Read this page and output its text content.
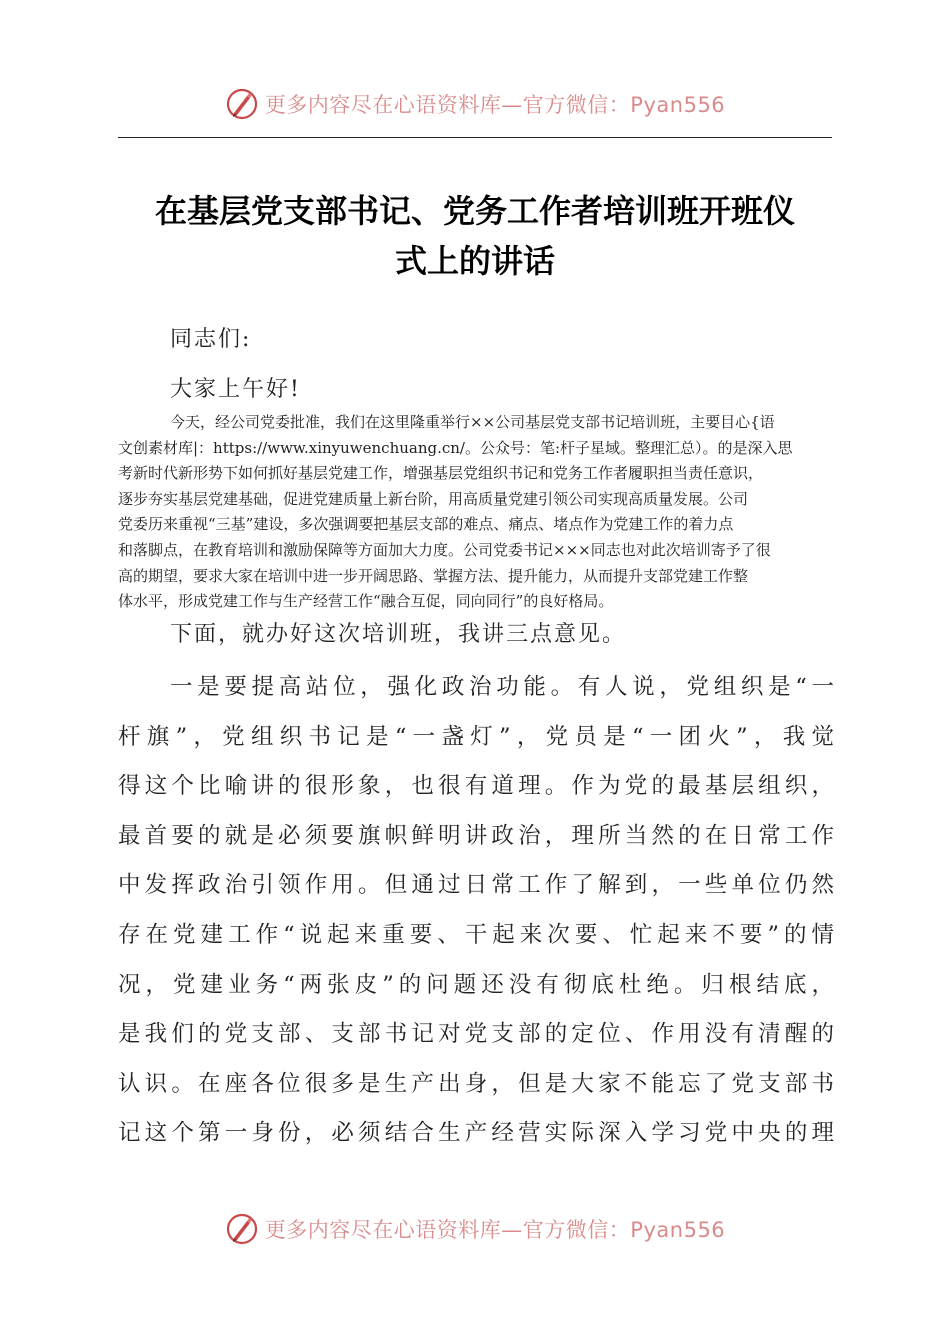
更多内容尽在心语资料库—官方微信：Pyan556
在基层党支部书记、党务工作者培训班开班仪
式上的讲话
同志们:
大家上午好!
今天，经公司党委批准，我们在这里隆重举行××公司基层党支部书记培训班，主要目心{语
文创素材库|：https://www.xinyuwenchuang.cn/。公众号：笔:杆子星域。整理汇总）。的是深入思
考新时代新形势下如何抓好基层党建工作，增强基层党组织书记和党务工作者履职担当责任意识，
逐步夯实基层党建基础，促进党建质量上新台阶，用高质量党建引领公司实现高质量发展。公司
党委历来重视“三基”建设，多次强调要把基层支部的难点、痛点、堵点作为党建工作的着力点
和落脚点，在教育培训和激励保障等方面加大力度。公司党委书记×××同志也对此次培训寄予了很
高的期望，要求大家在培训中进一步开阔思路、掌握方法、提升能力，从而提升支部党建工作整
体水平，形成党建工作与生产经营工作“融合互促，同向同行”的良好格局。
下面，就办好这次培训班，我讲三点意见。
一是要提高站位，强化政治功能。有人说，党组织是“一
杆旗”，党组织书记是“一盏灯”，党员是“一团火”，我觉
得这个比喻讲的很形象，也很有道理。作为党的最基层组织，
最首要的就是必须要旗帜鲜明讲政治，理所当然的在日常工作
中发挥政治引领作用。但通过日常工作了解到，一些单位仍然
存在党建工作“说起来重要、干起来次要、忙起来不要”的情
况，党建业务“两张皮”的问题还没有彻底杜绝。归根结底，
是我们的党支部、支部书记对党支部的定位、作用没有清醒的
认识。在座各位很多是生产出身，但是大家不能忘了党支部书
记这个第一身份，必须结合生产经营实际深入学习党中央的理
更多内容尽在心语资料库—官方微信：Pyan556
